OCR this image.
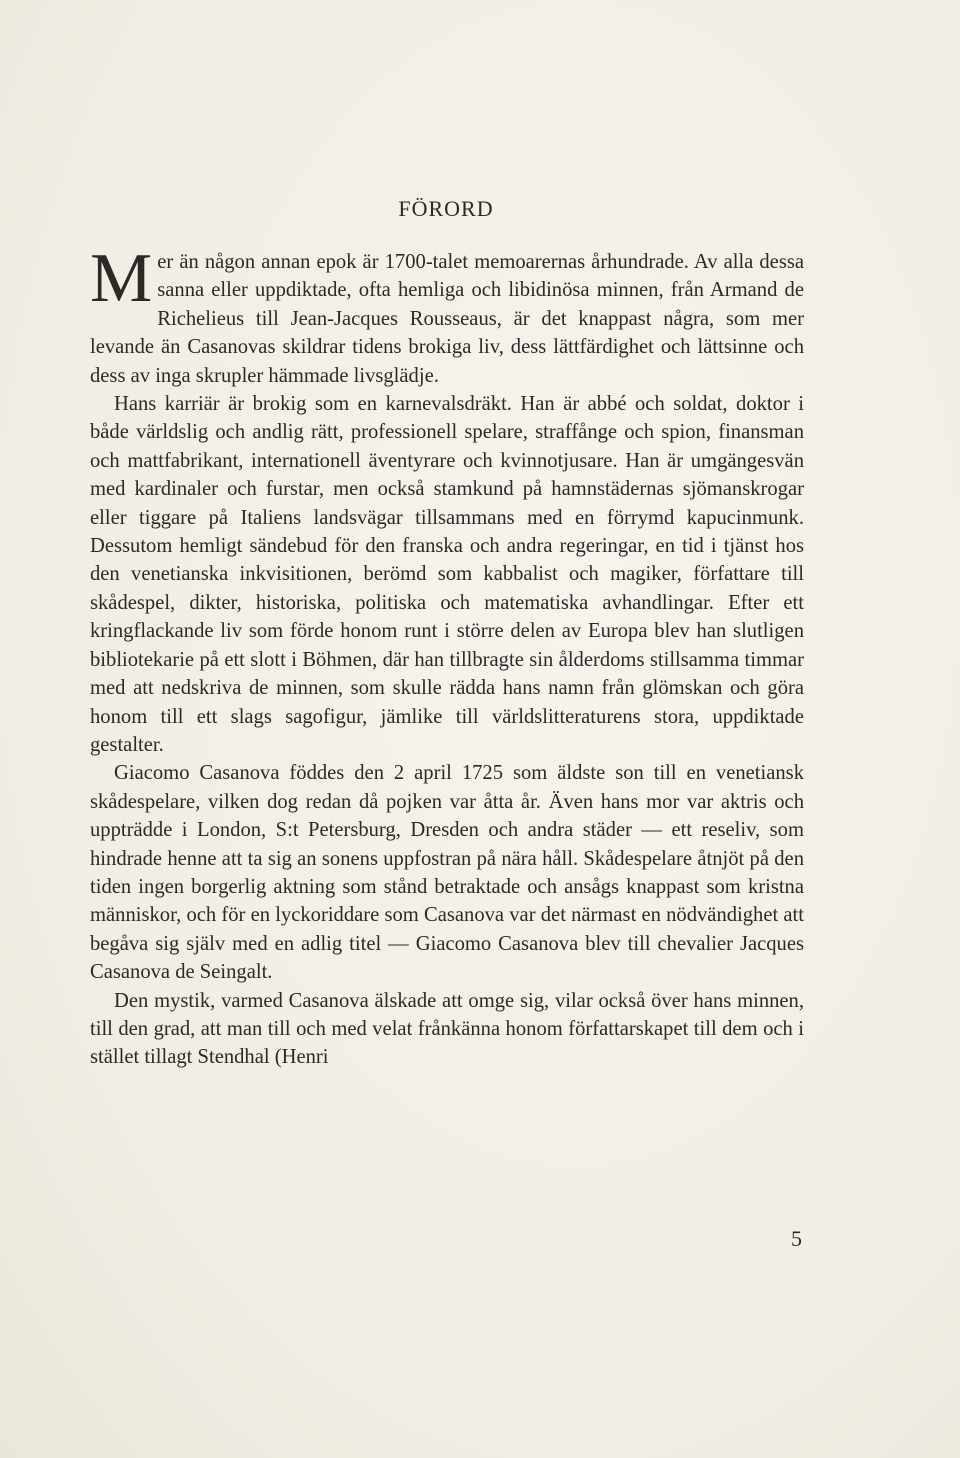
FÖRORD

Mer än någon annan epok är 1700-talet memoarernas århundrade. Av alla dessa sanna eller uppdiktade, ofta hemliga och libidinösa minnen, från Armand de Richelieus till Jean-Jacques Rousseaus, är det knappast några, som mer levande än Casanovas skildrar tidens brokiga liv, dess lättfärdighet och lättsinne och dess av inga skrupler hämmade livsglädje.

Hans karriär är brokig som en karnevalsdräkt. Han är abbé och soldat, doktor i både världslig och andlig rätt, professionell spelare, straffånge och spion, finansman och mattfabrikant, internationell äventyrare och kvinnotjusare. Han är umgängesvän med kardinaler och furstar, men också stamkund på hamnstädernas sjömanskrogar eller tiggare på Italiens landsvägar tillsammans med en förrymd kapucinmunk. Dessutom hemligt sändebud för den franska och andra regeringar, en tid i tjänst hos den venetianska inkvisitionen, berömd som kabbalist och magiker, författare till skådespel, dikter, historiska, politiska och matematiska avhandlingar. Efter ett kringflackande liv som förde honom runt i större delen av Europa blev han slutligen bibliotekarie på ett slott i Böhmen, där han tillbragte sin ålderdoms stillsamma timmar med att nedskriva de minnen, som skulle rädda hans namn från glömskan och göra honom till ett slags sagofigur, jämlike till världslitteraturens stora, uppdiktade gestalter.

Giacomo Casanova föddes den 2 april 1725 som äldste son till en venetiansk skådespelare, vilken dog redan då pojken var åtta år. Även hans mor var aktris och uppträdde i London, S:t Petersburg, Dresden och andra städer — ett reseliv, som hindrade henne att ta sig an sonens uppfostran på nära håll. Skådespelare åtnjöt på den tiden ingen borgerlig aktning som stånd betraktade och ansågs knappast som kristna människor, och för en lyckoriddare som Casanova var det närmast en nödvändighet att begåva sig själv med en adlig titel — Giacomo Casanova blev till chevalier Jacques Casanova de Seingalt.

Den mystik, varmed Casanova älskade att omge sig, vilar också över hans minnen, till den grad, att man till och med velat frånkänna honom författarskapet till dem och i stället tillagt Stendhal (Henri

5
